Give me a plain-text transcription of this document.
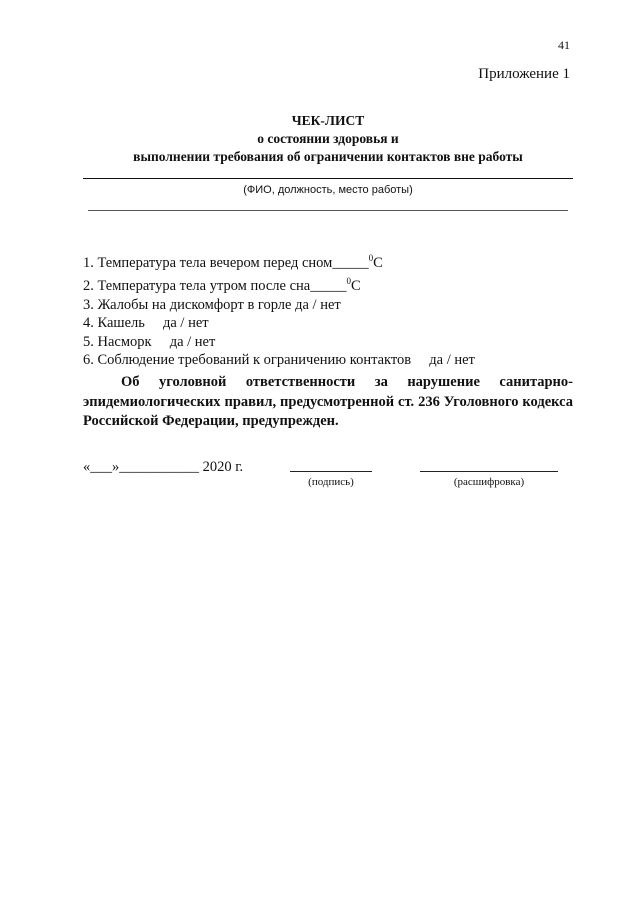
41
Приложение 1
ЧЕК-ЛИСТ
о состоянии здоровья и
выполнении требования об ограничении контактов вне работы
(ФИО, должность, место работы)
1. Температура тела вечером перед сном_____$^0$С
2. Температура тела утром после сна_____$^0$С
3. Жалобы на дискомфорт в горле да / нет
4. Кашель     да / нет
5. Насморк     да / нет
6. Соблюдение требований к ограничению контактов     да / нет
Об уголовной ответственности за нарушение санитарно-эпидемиологических правил, предусмотренной ст. 236 Уголовного кодекса Российской Федерации, предупрежден.
«___»___________ 2020 г.
(подпись)	(расшифровка)
